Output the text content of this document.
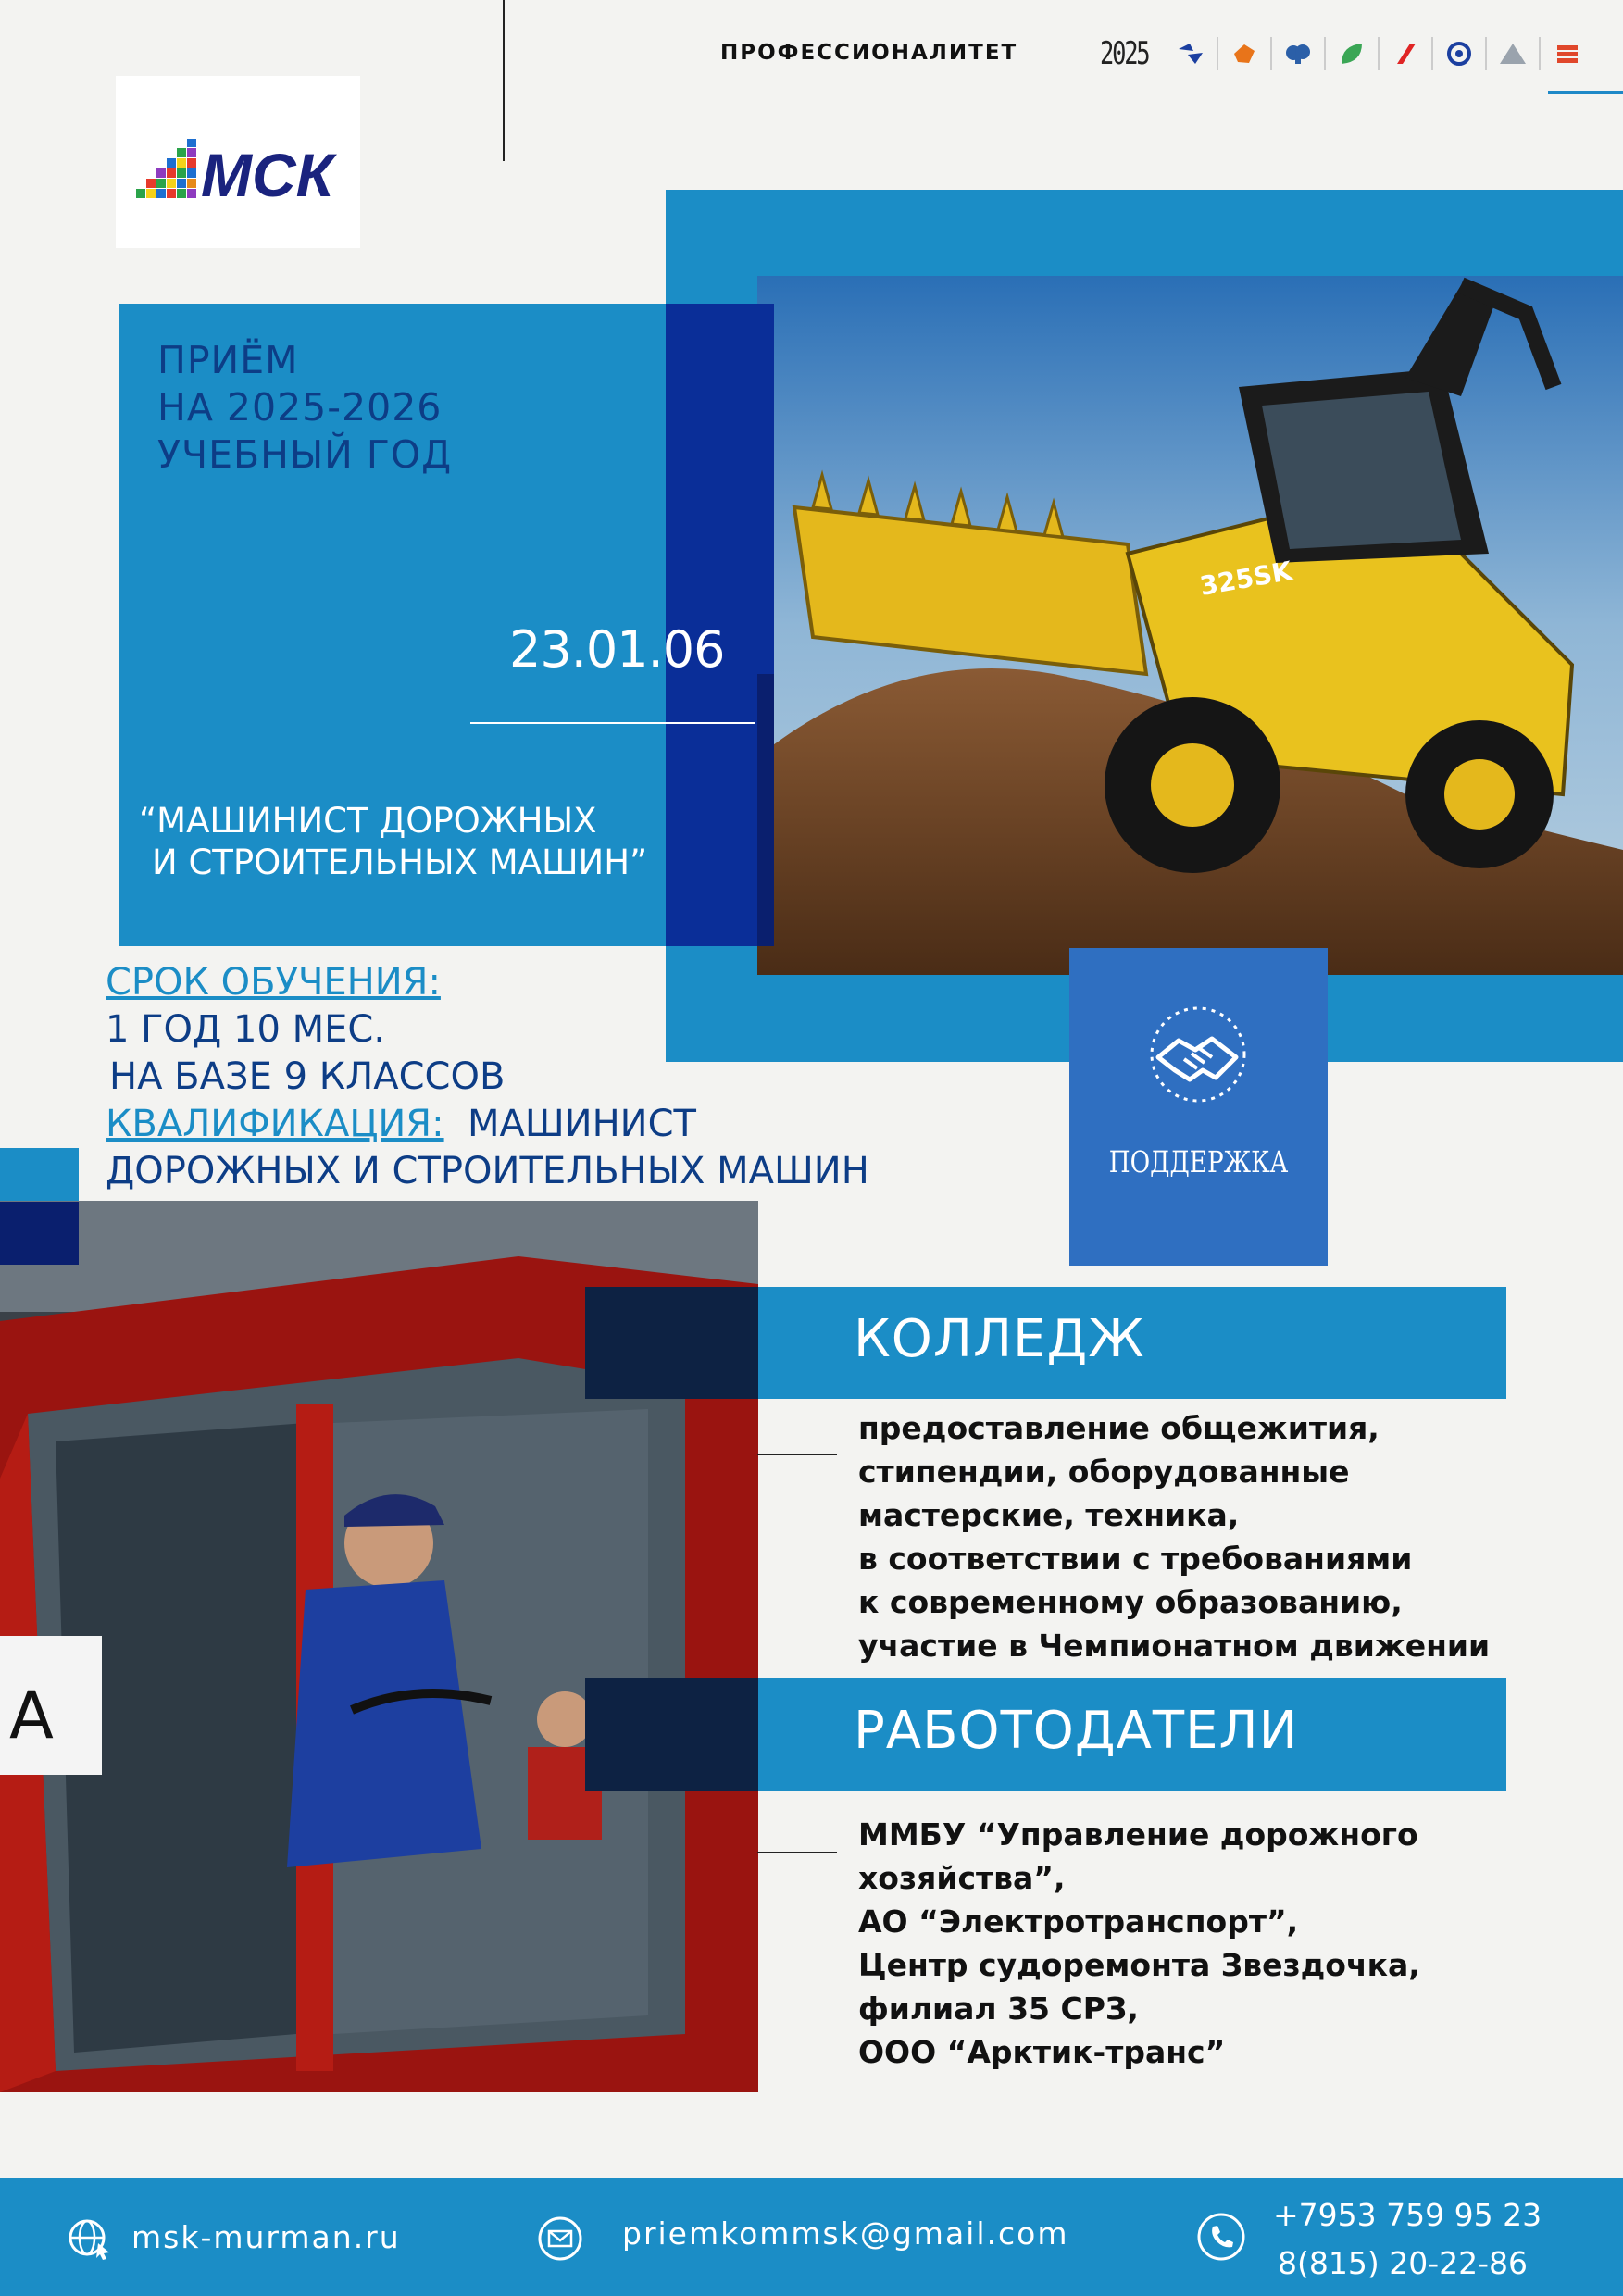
ПРОФЕССИОНАЛИТЕТ	2025
МСК
325SK
ПРИЁМ
НА 2025-2026
УЧЕБНЫЙ ГОД
23.01.06
“МАШИНИСТ ДОРОЖНЫХ
И СТРОИТЕЛЬНЫХ МАШИН”
ПОДДЕРЖКА
СРОК ОБУЧЕНИЯ:
1 ГОД 10 МЕС.
НА БАЗЕ 9 КЛАССОВ
КВАЛИФИКАЦИЯ: МАШИНИСТ
ДОРОЖНЫХ И СТРОИТЕЛЬНЫХ МАШИН
A
КОЛЛЕДЖ
предоставление общежития,
стипендии, оборудованные
мастерские, техника,
в соответствии с требованиями
к современному образованию,
участие в Чемпионатном движении
РАБОТОДАТЕЛИ
ММБУ “Управление дорожного
хозяйства”,
АО “Электротранспорт”,
Центр судоремонта Звездочка,
филиал 35 СРЗ,
ООО “Арктик-транс”
msk-murman.ru	priemkommsk@gmail.com
+7953 759 95 23
8(815) 20-22-86
